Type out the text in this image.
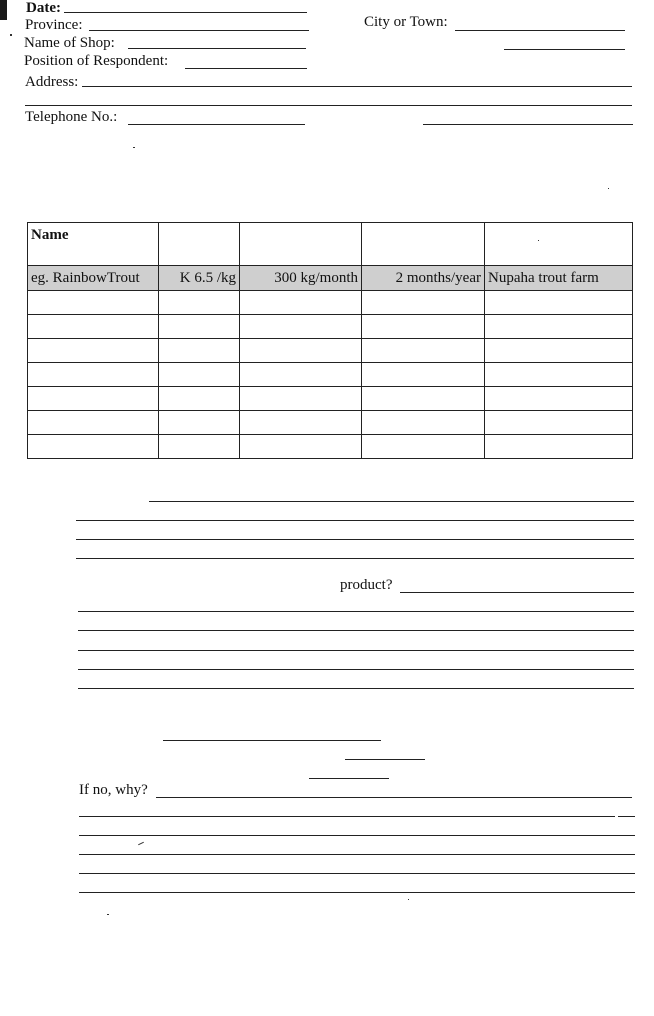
Date:
Province:	City or Town:
Name of Shop:
Position of Respondent:
Address:
Telephone No.:
Name				
eg. RainbowTrout	K 6.5 /kg	300 kg/month	2 months/year	Nupaha trout farm

product?
If no, why?
